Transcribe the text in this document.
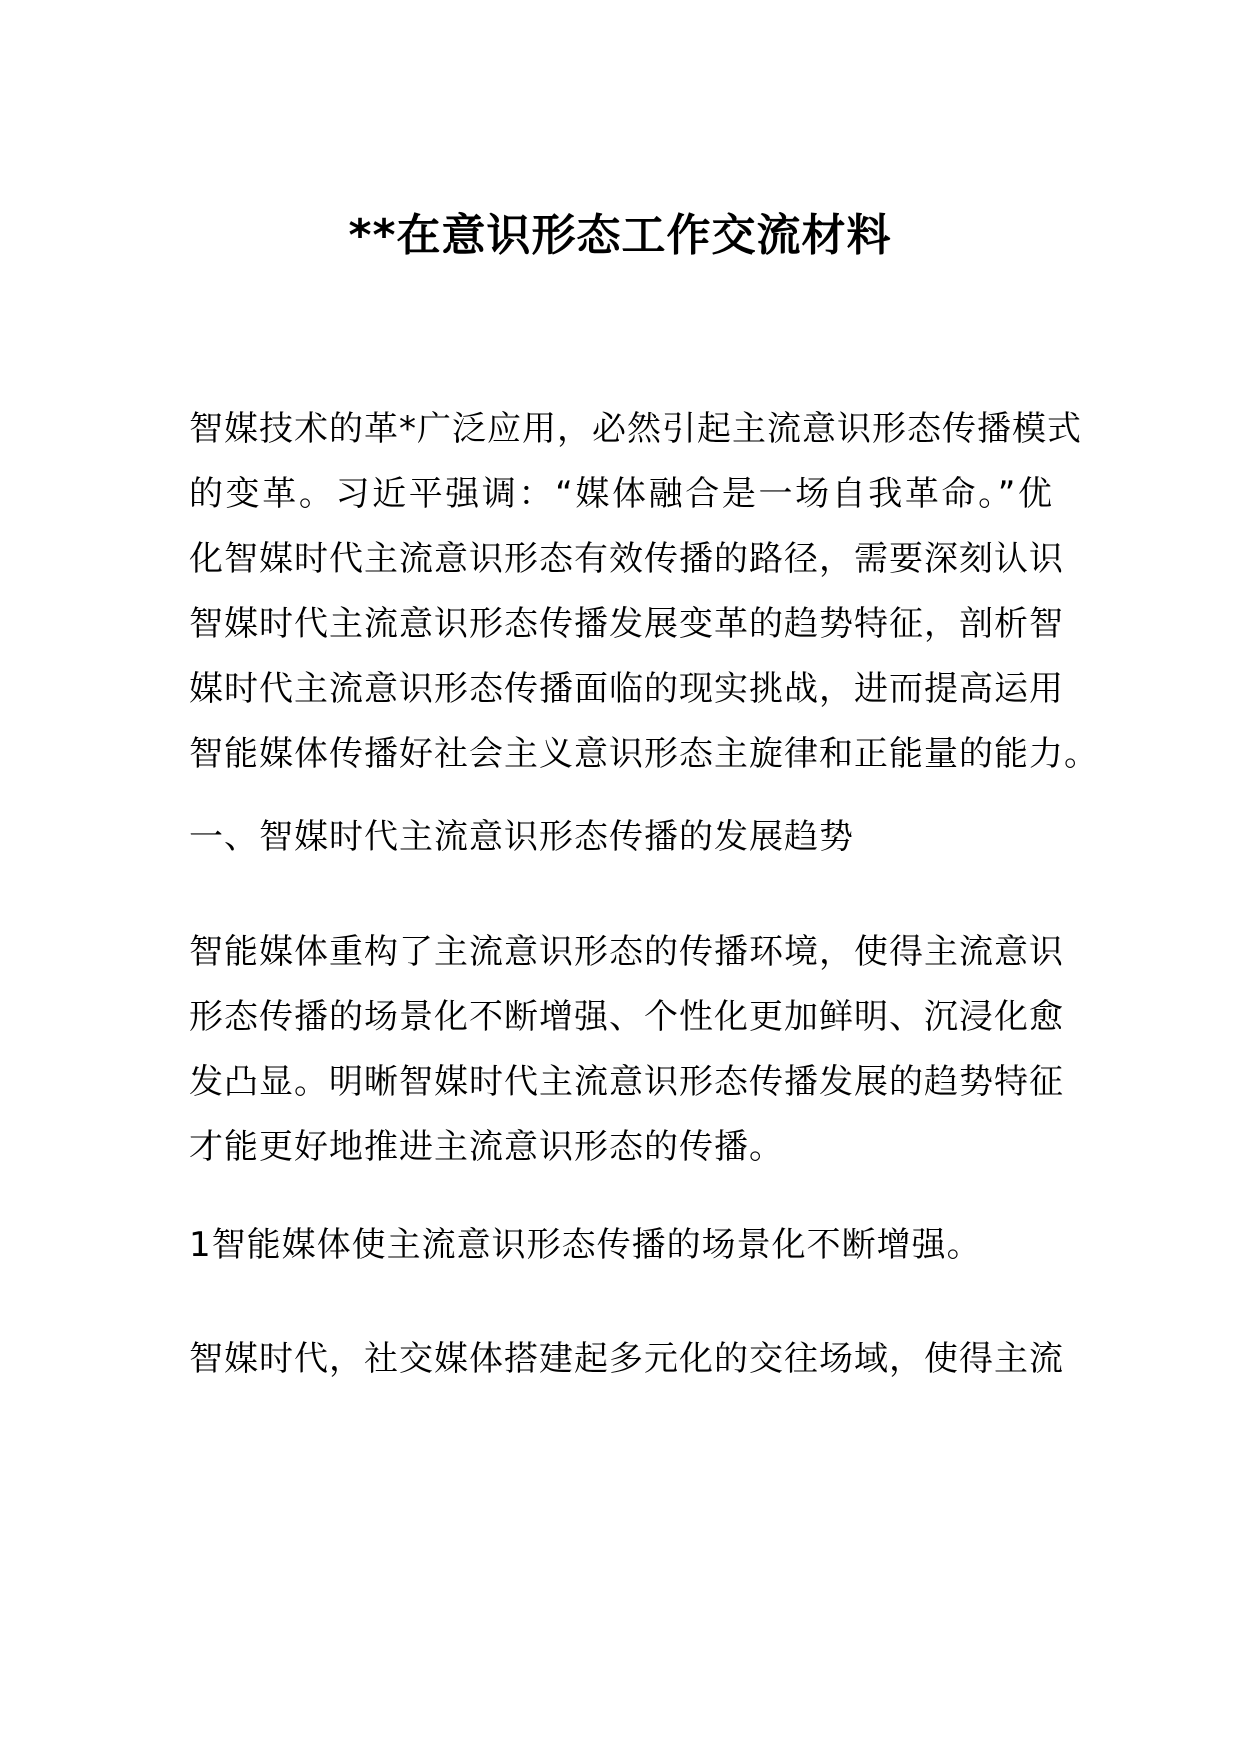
**在意识形态工作交流材料
智媒技术的革*广泛应用，必然引起主流意识形态传播模式
的变革。习近平强调：“媒体融合是一场自我革命。”优
化智媒时代主流意识形态有效传播的路径，需要深刻认识
智媒时代主流意识形态传播发展变革的趋势特征，剖析智
媒时代主流意识形态传播面临的现实挑战，进而提高运用
智能媒体传播好社会主义意识形态主旋律和正能量的能力。
一、智媒时代主流意识形态传播的发展趋势
智能媒体重构了主流意识形态的传播环境，使得主流意识
形态传播的场景化不断增强、个性化更加鲜明、沉浸化愈
发凸显。明晰智媒时代主流意识形态传播发展的趋势特征
才能更好地推进主流意识形态的传播。
1智能媒体使主流意识形态传播的场景化不断增强。
智媒时代，社交媒体搭建起多元化的交往场域，使得主流
